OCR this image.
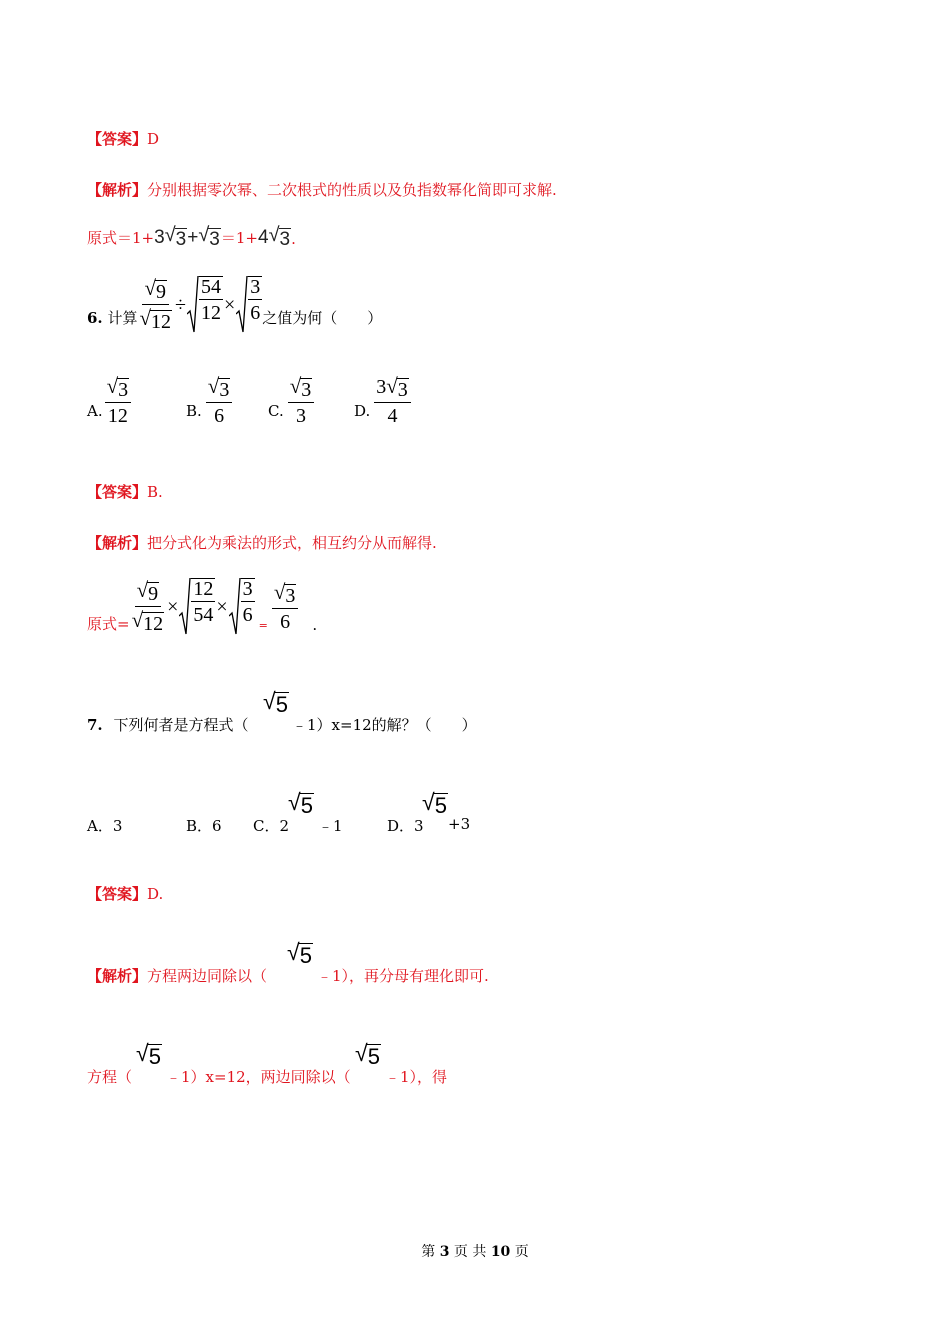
【答案】D
【解析】分别根据零次幂、二次根式的性质以及负指数幂化简即可求解.
原式＝1+ 3 √ 3 + √ 3 ＝1+ 4 √ 3 .
6. 计算 $\frac{√ 9}{√ 12} \div \frac{54}{12} \times \frac{3}{6}$ 之值为何（　　）
A. $\frac{√ 3}{12}$	B. $\frac{√ 3}{6} C$. $\frac{√ 3}{3}$	D. $\frac{3 √ 3}{4}$
【答案】B.
【解析】把分式化为乘法的形式，相互约分从而解得.
原式= $\frac{√ 9}{√ 12} \times \frac{12}{54} \times \frac{3}{6} = \frac{√ 3}{6}$ .
7. 下列何者是方程式（
√ 5
﹣1）x=12的解？（　　）
A．3	B．6 C．2
√ 5
﹣1	D．3
√ 5
+3
【答案】D.
【解析】方程两边同除以（
√ 5
﹣1），再分母有理化即可.
方程（
√ 5
﹣1）x=12，两边同除以（
√ 5
﹣1），得
第 3 页 共 10 页
